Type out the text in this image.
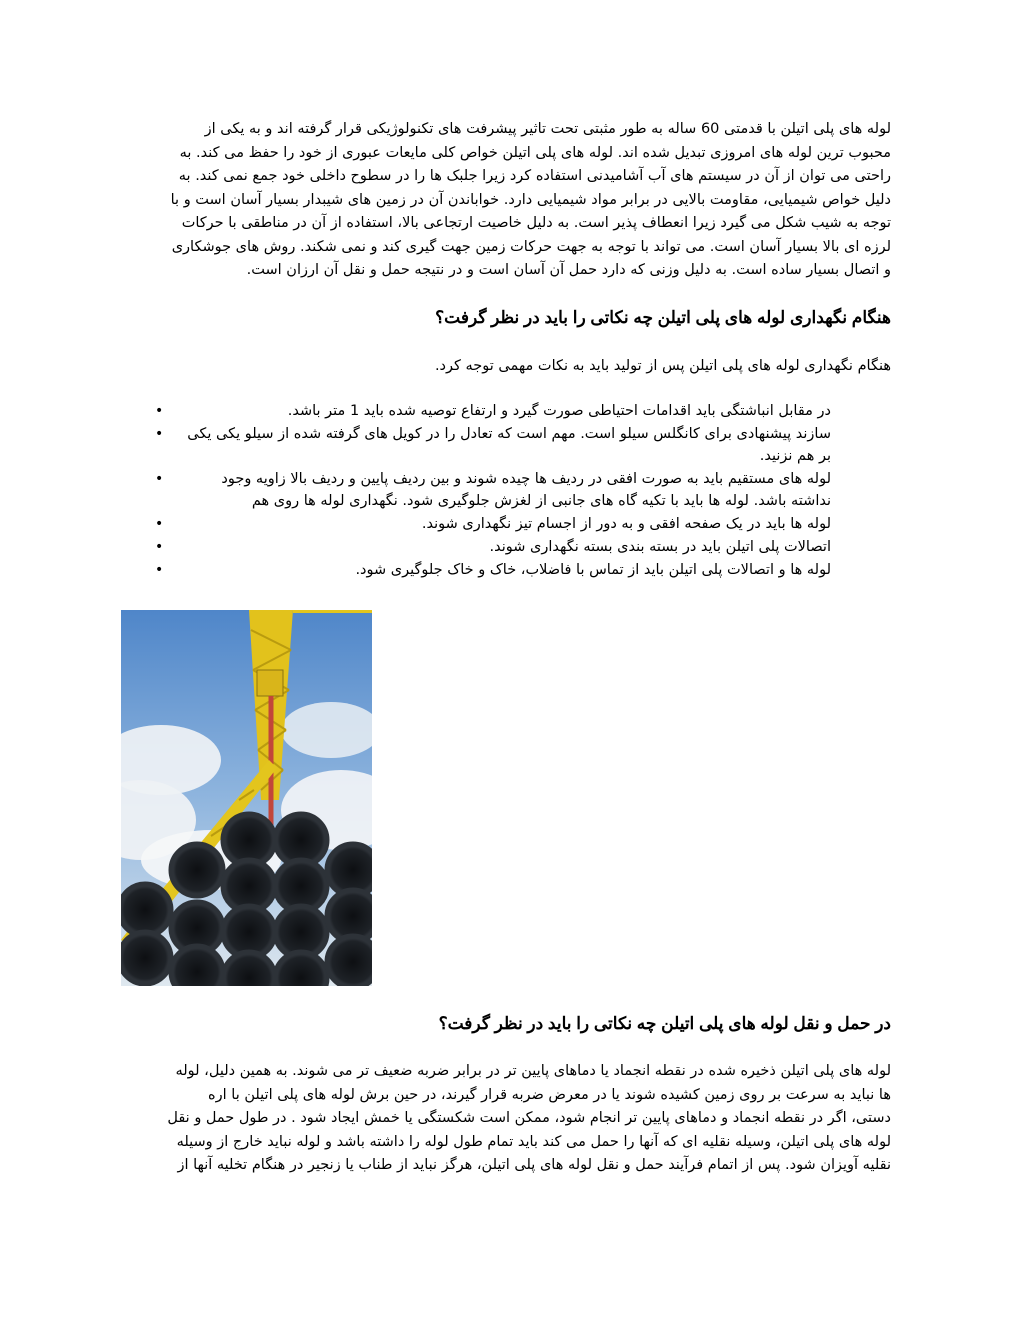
لوله های پلی اتیلن با قدمتی 60 ساله به طور مثبتی تحت تاثیر پیشرفت های تکنولوژیکی قرار گرفته اند و به یکی از
محبوب ترین لوله های امروزی تبدیل شده اند. لوله های پلی اتیلن خواص کلی مایعات عبوری از خود را حفظ می کند. به
راحتی می توان از آن در سیستم های آب آشامیدنی استفاده کرد زیرا جلبک ها را در سطوح داخلی خود جمع نمی کند. به
دلیل خواص شیمیایی، مقاومت بالایی در برابر مواد شیمیایی دارد. خواباندن آن در زمین های شیبدار بسیار آسان است و با
توجه به شیب شکل می گیرد زیرا انعطاف پذیر است. به دلیل خاصیت ارتجاعی بالا، استفاده از آن در مناطقی با حرکات
لرزه ای بالا بسیار آسان است. می تواند با توجه به جهت حرکات زمین جهت گیری کند و نمی شکند. روش های جوشکاری
و اتصال بسیار ساده است. به دلیل وزنی که دارد حمل آن آسان است و در نتیجه حمل و نقل آن ارزان است.
هنگام نگهداری لوله های پلی اتیلن چه نکاتی را باید در نظر گرفت؟
هنگام نگهداری لوله های پلی اتیلن پس از تولید باید به نکات مهمی توجه کرد.
• در مقابل انباشتگی باید اقدامات احتیاطی صورت گیرد و ارتفاع توصیه شده باید 1 متر باشد.
• سازند پیشنهادی برای کانگلس سیلو است. مهم است که تعادل را در کویل های گرفته شده از سیلو یکی یکی بر هم نزنید.
• لوله های مستقیم باید به صورت افقی در ردیف ها چیده شوند و بین ردیف پایین و ردیف بالا زاویه وجود نداشته باشد. لوله ها باید با تکیه گاه های جانبی از لغزش جلوگیری شود. نگهداری لوله ها روی هم
• لوله ها باید در یک صفحه افقی و به دور از اجسام تیز نگهداری شوند.
• اتصالات پلی اتیلن باید در بسته بندی بسته نگهداری شوند.
• لوله ها و اتصالات پلی اتیلن باید از تماس با فاضلاب، خاک و خاک جلوگیری شود.
در حمل و نقل لوله های پلی اتیلن چه نکاتی را باید در نظر گرفت؟
لوله های پلی اتیلن ذخیره شده در نقطه انجماد یا دماهای پایین تر در برابر ضربه ضعیف تر می شوند. به همین دلیل، لوله
ها نباید به سرعت بر روی زمین کشیده شوند یا در معرض ضربه قرار گیرند، در حین برش لوله های پلی اتیلن با اره
دستی، اگر در نقطه انجماد و دماهای پایین تر انجام شود، ممکن است شکستگی یا خمش ایجاد شود . در طول حمل و نقل
لوله های پلی اتیلن، وسیله نقلیه ای که آنها را حمل می کند باید تمام طول لوله را داشته باشد و لوله نباید خارج از وسیله
نقلیه آویزان شود. پس از اتمام فرآیند حمل و نقل لوله های پلی اتیلن، هرگز نباید از طناب یا زنجیر در هنگام تخلیه آنها از
